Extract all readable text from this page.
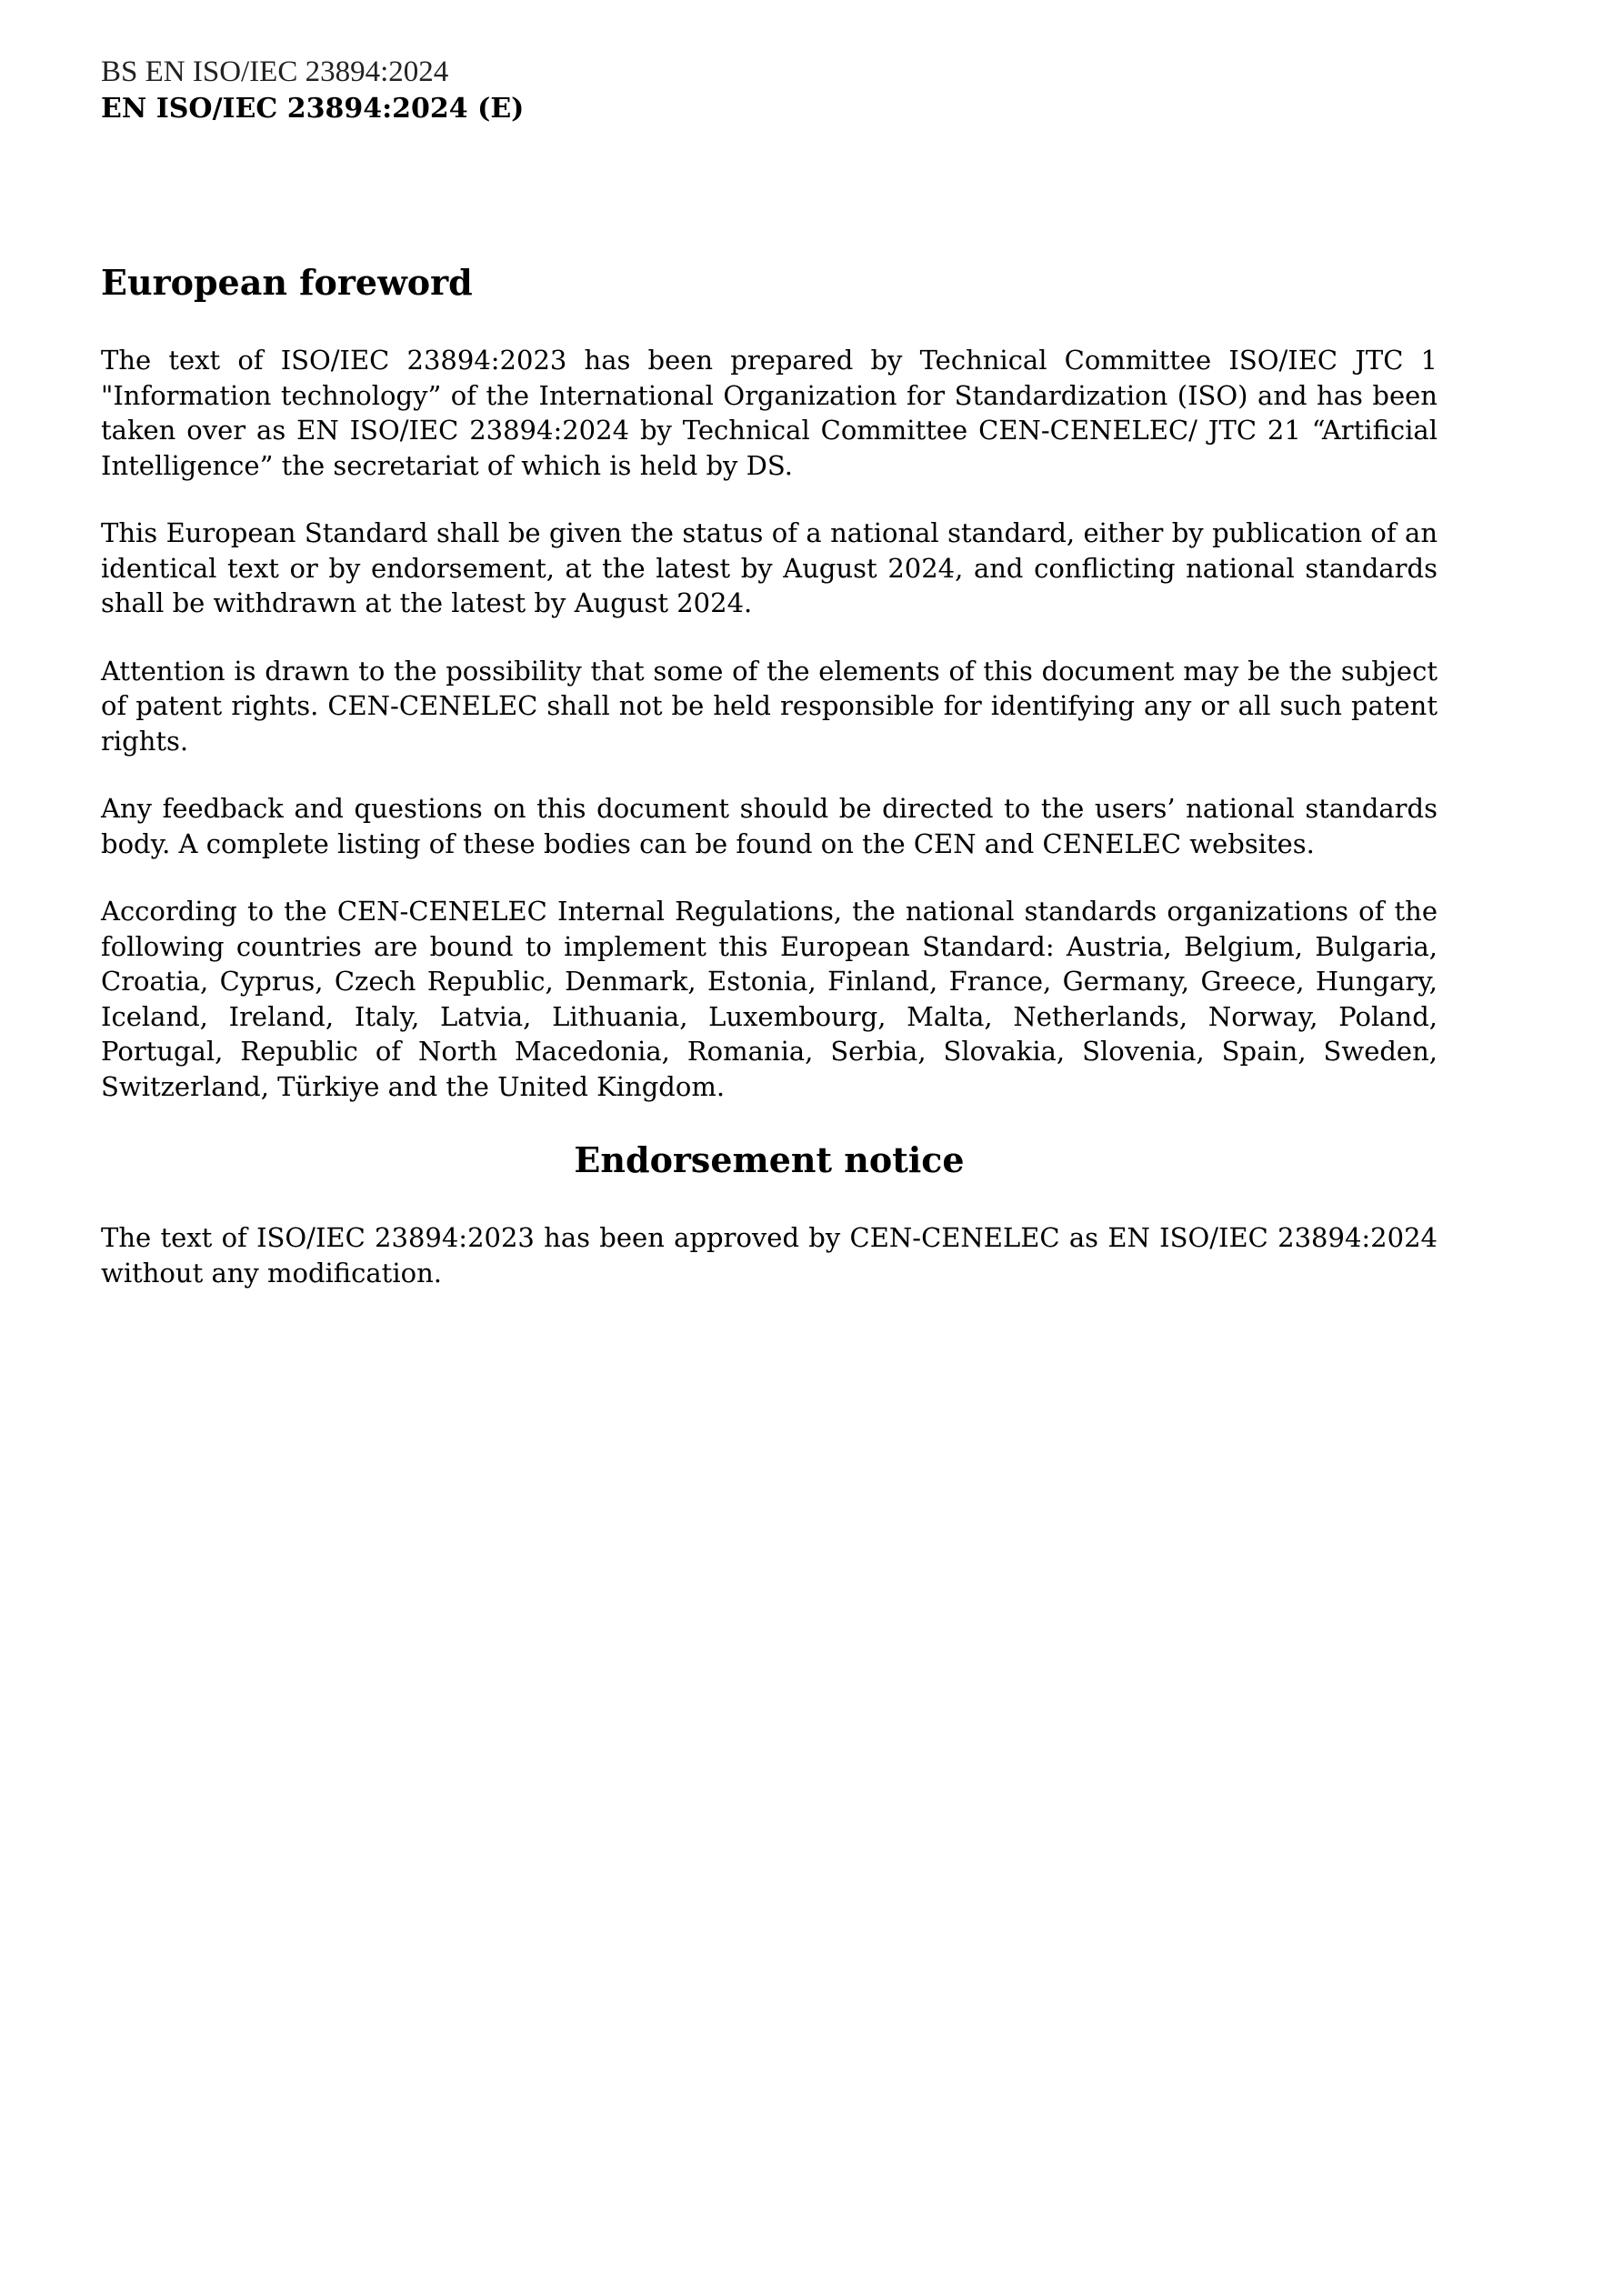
BS EN ISO/IEC 23894:2024
EN ISO/IEC 23894:2024 (E)
European foreword

The text of ISO/IEC 23894:2023 has been prepared by Technical Committee ISO/IEC JTC 1 "Information technology” of the International Organization for Standardization (ISO) and has been taken over as EN ISO/IEC 23894:2024 by Technical Committee CEN-CENELEC/ JTC 21 “Artificial Intelligence” the secretariat of which is held by DS.

This European Standard shall be given the status of a national standard, either by publication of an identical text or by endorsement, at the latest by August 2024, and conflicting national standards shall be withdrawn at the latest by August 2024.

Attention is drawn to the possibility that some of the elements of this document may be the subject of patent rights. CEN-CENELEC shall not be held responsible for identifying any or all such patent rights.

Any feedback and questions on this document should be directed to the users’ national standards body. A complete listing of these bodies can be found on the CEN and CENELEC websites.

According to the CEN-CENELEC Internal Regulations, the national standards organizations of the following countries are bound to implement this European Standard: Austria, Belgium, Bulgaria, Croatia, Cyprus, Czech Republic, Denmark, Estonia, Finland, France, Germany, Greece, Hungary, Iceland, Ireland, Italy, Latvia, Lithuania, Luxembourg, Malta, Netherlands, Norway, Poland, Portugal, Republic of North Macedonia, Romania, Serbia, Slovakia, Slovenia, Spain, Sweden, Switzerland, Türkiye and the United Kingdom.

Endorsement notice

The text of ISO/IEC 23894:2023 has been approved by CEN-CENELEC as EN ISO/IEC 23894:2024 without any modification.
